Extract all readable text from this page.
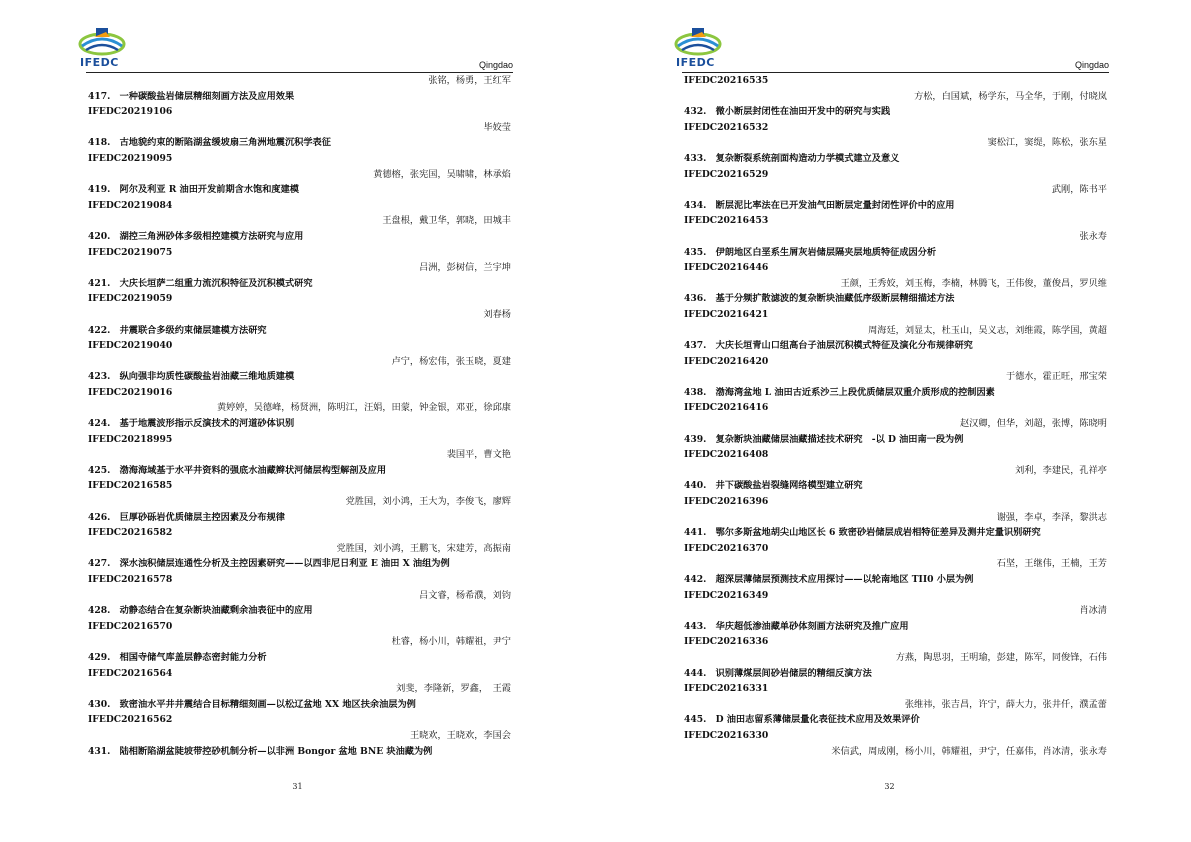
IFEDC	Qingdao
张铭，杨勇，王红军
417.　一种碳酸盐岩储层精细刻画方法及应用效果
IFEDC20219106
毕姣莹
418.　古地貌约束的断陷湖盆缓坡扇三角洲地震沉积学表征
IFEDC20219095
黄德榕，张宪国，吴啸啸，林承焰
419.　阿尔及利亚 R 油田开发前期含水饱和度建模
IFEDC20219084
王盘根，戴卫华，郭晓，田城丰
420.　湖控三角洲砂体多级相控建模方法研究与应用
IFEDC20219075
吕洲，彭树信，兰宇坤
421.　大庆长垣萨二组重力流沉积特征及沉积模式研究
IFEDC20219059
刘春杨
422.　井震联合多级约束储层建模方法研究
IFEDC20219040
卢宁，杨宏伟，张玉晓，夏建
423.　纵向强非均质性碳酸盐岩油藏三维地质建模
IFEDC20219016
黄婷婷，吴德峰，杨贤洲，陈明江，汪娟，田蒙，钟金银，邓亚，徐邱康
424.　基于地震波形指示反演技术的河道砂体识别
IFEDC20218995
裴国平，曹文艳
425.　渤海海域基于水平井资料的强底水油藏辫状河储层构型解剖及应用
IFEDC20216585
党胜国，刘小鸿，王大为，李俊飞，廖辉
426.　巨厚砂砾岩优质储层主控因素及分布规律
IFEDC20216582
党胜国，刘小鸿，王鹏飞，宋建芳，高振南
427.　深水浊积储层连通性分析及主控因素研究——以西非尼日利亚 E 油田 X 油组为例
IFEDC20216578
吕文睿，杨希濮，刘钧
428.　动静态结合在复杂断块油藏剩余油表征中的应用
IFEDC20216570
杜睿，杨小川，韩耀祖，尹宁
429.　相国寺储气库盖层静态密封能力分析
IFEDC20216564
刘斐，李隆新，罗鑫，　王霞
430.　致密油水平井井震结合目标精细刻画—以松辽盆地 XX 地区扶余油层为例
IFEDC20216562
王晓欢，王晓欢，李国会
431.　陆相断陷湖盆陡坡带控砂机制分析—以非洲 Bongor 盆地 BNE 块油藏为例
31
IFEDC	Qingdao
IFEDC20216535
方松，白国斌，杨学东，马全华，于刚，付晓岚
432.　微小断层封闭性在油田开发中的研究与实践
IFEDC20216532
窦松江，窦缇，陈松，张东星
433.　复杂断裂系统剖面构造动力学模式建立及意义
IFEDC20216529
武刚，陈书平
434.　断层泥比率法在已开发油气田断层定量封闭性评价中的应用
IFEDC20216453
张永寿
435.　伊朗地区白垩系生屑灰岩储层隔夹层地质特征成因分析
IFEDC20216446
王颜，王秀姣，刘玉梅，李楠，林腾飞，王伟俊，董俊昌，罗贝维
436.　基于分频扩散滤波的复杂断块油藏低序级断层精细描述方法
IFEDC20216421
周海廷，刘显太，杜玉山，吴义志，刘维霞，陈学国，黄超
437.　大庆长垣青山口组高台子油层沉积模式特征及演化分布规律研究
IFEDC20216420
于德水，霍正旺，邢宝荣
438.　渤海湾盆地 L 油田古近系沙三上段优质储层双重介质形成的控制因素
IFEDC20216416
赵汉卿，但华，刘超，张博，陈晓明
439.　复杂断块油藏储层油藏描述技术研究　-以 D 油田南一段为例
IFEDC20216408
刘利，李建民，孔祥亭
440.　井下碳酸盐岩裂缝网络模型建立研究
IFEDC20216396
谢强，李卓，李泽，黎洪志
441.　鄂尔多斯盆地胡尖山地区长 6 致密砂岩储层成岩相特征差异及测井定量识别研究
IFEDC20216370
石坚，王继伟，王楠，王芳
442.　超深层薄储层预测技术应用探讨——以轮南地区 TII0 小层为例
IFEDC20216349
肖冰清
443.　华庆超低渗油藏单砂体刻画方法研究及推广应用
IFEDC20216336
方燕，陶思羽，王明瑜，彭建，陈军，同俊锋，石伟
444.　识别薄煤层间砂岩储层的精细反演方法
IFEDC20216331
张维祎，张吉昌，许宁，薛大力，张井仟，濮孟蕾
445.　D 油田志留系薄储层量化表征技术应用及效果评价
IFEDC20216330
米信武，周成刚，杨小川，韩耀祖，尹宁，任嘉伟，肖冰清，张永寿
32
